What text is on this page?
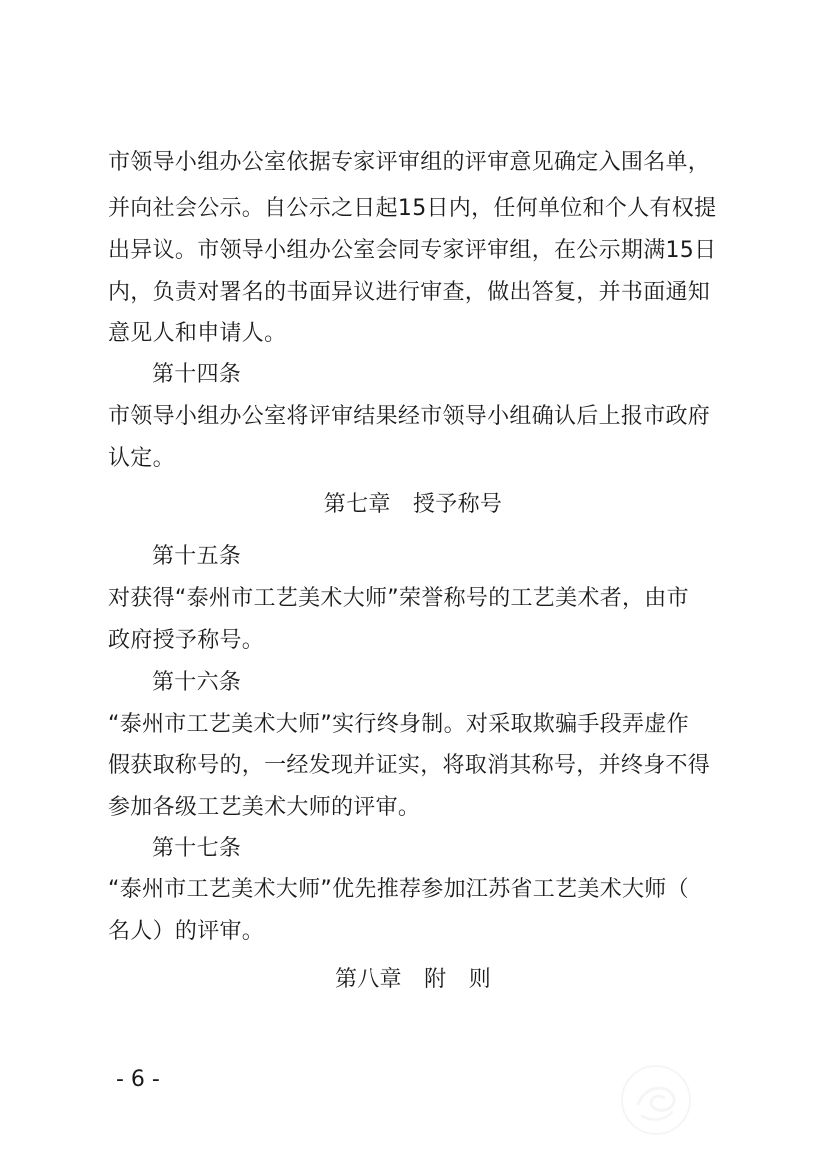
市领导小组办公室依据专家评审组的评审意见确定入围名单，
并向社会公示。自公示之日起15日内，任何单位和个人有权提
出异议。市领导小组办公室会同专家评审组，在公示期满15日
内，负责对署名的书面异议进行审查，做出答复，并书面通知
意见人和申请人。
第十四条
市领导小组办公室将评审结果经市领导小组确认后上报市政府
认定。
第七章　授予称号
第十五条
对获得“泰州市工艺美术大师”荣誉称号的工艺美术者，由市
政府授予称号。
第十六条
“泰州市工艺美术大师”实行终身制。对采取欺骗手段弄虚作
假获取称号的，一经发现并证实，将取消其称号，并终身不得
参加各级工艺美术大师的评审。
第十七条
“泰州市工艺美术大师”优先推荐参加江苏省工艺美术大师（
名人）的评审。
第八章　附　则
- 6 -
